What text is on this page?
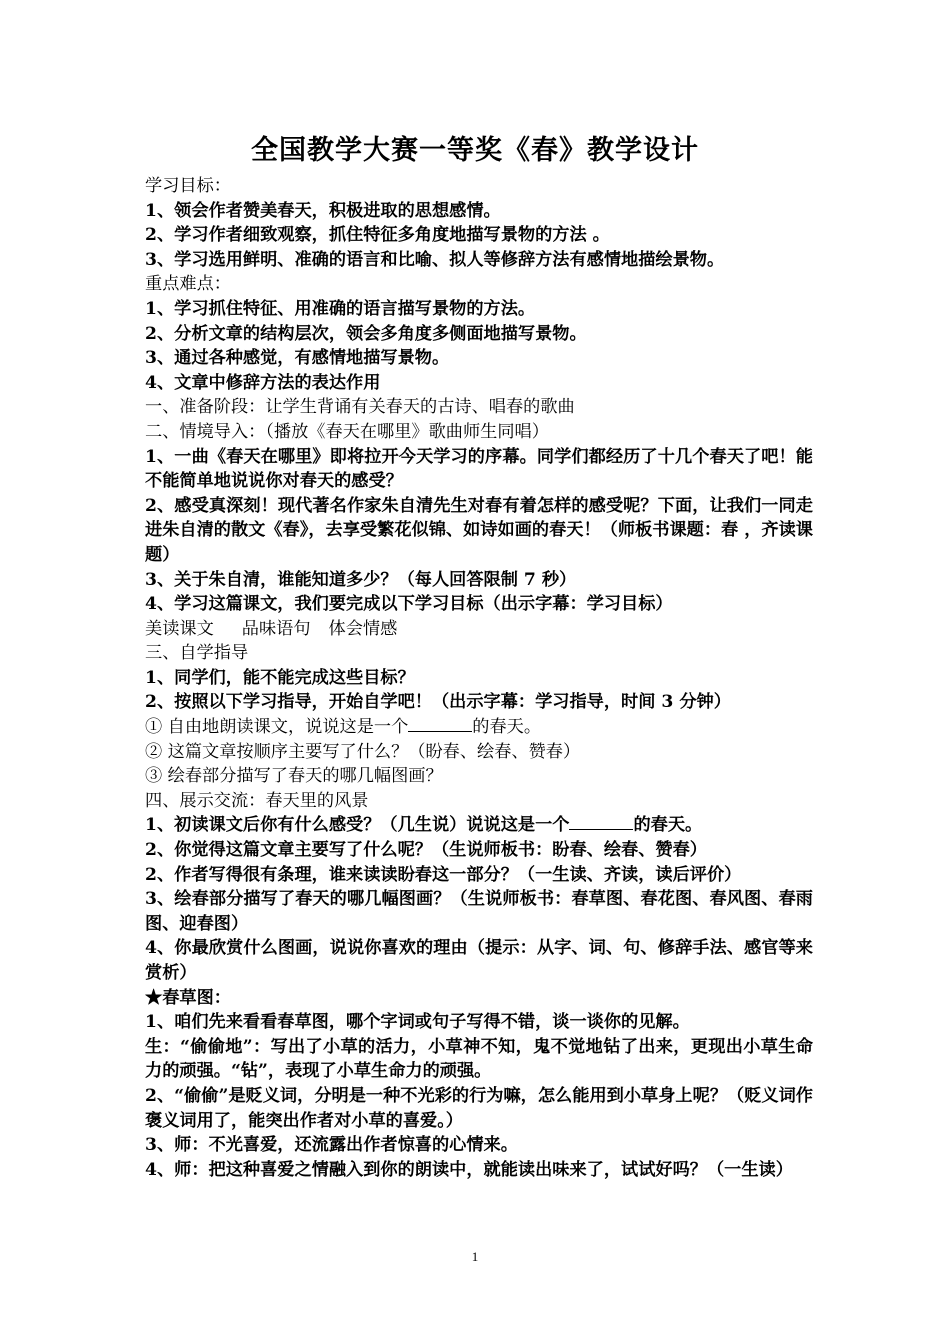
全国教学大赛一等奖《春》教学设计
学习目标：
1、领会作者赞美春天，积极进取的思想感情。
2、学习作者细致观察，抓住特征多角度地描写景物的方法 。
3、学习选用鲜明、准确的语言和比喻、拟人等修辞方法有感情地描绘景物。
重点难点：
1、学习抓住特征、用准确的语言描写景物的方法。
2、分析文章的结构层次，领会多角度多侧面地描写景物。
3、通过各种感觉，有感情地描写景物。
4、文章中修辞方法的表达作用
一、准备阶段：让学生背诵有关春天的古诗、唱春的歌曲
二、情境导入：（播放《春天在哪里》歌曲师生同唱）
1、一曲《春天在哪里》即将拉开今天学习的序幕。同学们都经历了十几个春天了吧！能不能简单地说说你对春天的感受？
2、感受真深刻！现代著名作家朱自清先生对春有着怎样的感受呢？下面，让我们一同走进朱自清的散文《春》，去享受繁花似锦、如诗如画的春天！（师板书课题：春 ，齐读课题）
3、关于朱自清，谁能知道多少？（每人回答限制 7 秒）
4、学习这篇课文，我们要完成以下学习目标（出示字幕：学习目标）
美读课文 品味语句 体会情感
三、自学指导
1、同学们，能不能完成这些目标？
2、按照以下学习指导，开始自学吧！（出示字幕：学习指导，时间 3 分钟）
① 自由地朗读课文，说说这是一个	的春天。
② 这篇文章按顺序主要写了什么？（盼春、绘春、赞春）
③ 绘春部分描写了春天的哪几幅图画？
四、展示交流：春天里的风景
1、初读课文后你有什么感受？（几生说）说说这是一个	的春天。
2、你觉得这篇文章主要写了什么呢？（生说师板书：盼春、绘春、赞春）
2、作者写得很有条理，谁来读读盼春这一部分？（一生读、齐读，读后评价）
3、绘春部分描写了春天的哪几幅图画？（生说师板书：春草图、春花图、春风图、春雨图、迎春图）
4、你最欣赏什么图画，说说你喜欢的理由（提示：从字、词、句、修辞手法、感官等来赏析）
★春草图：
1、咱们先来看看春草图，哪个字词或句子写得不错，谈一谈你的见解。
生：“偷偷地”：写出了小草的活力，小草神不知，鬼不觉地钻了出来，更现出小草生命力的顽强。“钻”，表现了小草生命力的顽强。
2、“偷偷”是贬义词，分明是一种不光彩的行为嘛，怎么能用到小草身上呢？（贬义词作褒义词用了，能突出作者对小草的喜爱。）
3、师：不光喜爱，还流露出作者惊喜的心情来。
4、师：把这种喜爱之情融入到你的朗读中，就能读出味来了，试试好吗？（一生读）
1
